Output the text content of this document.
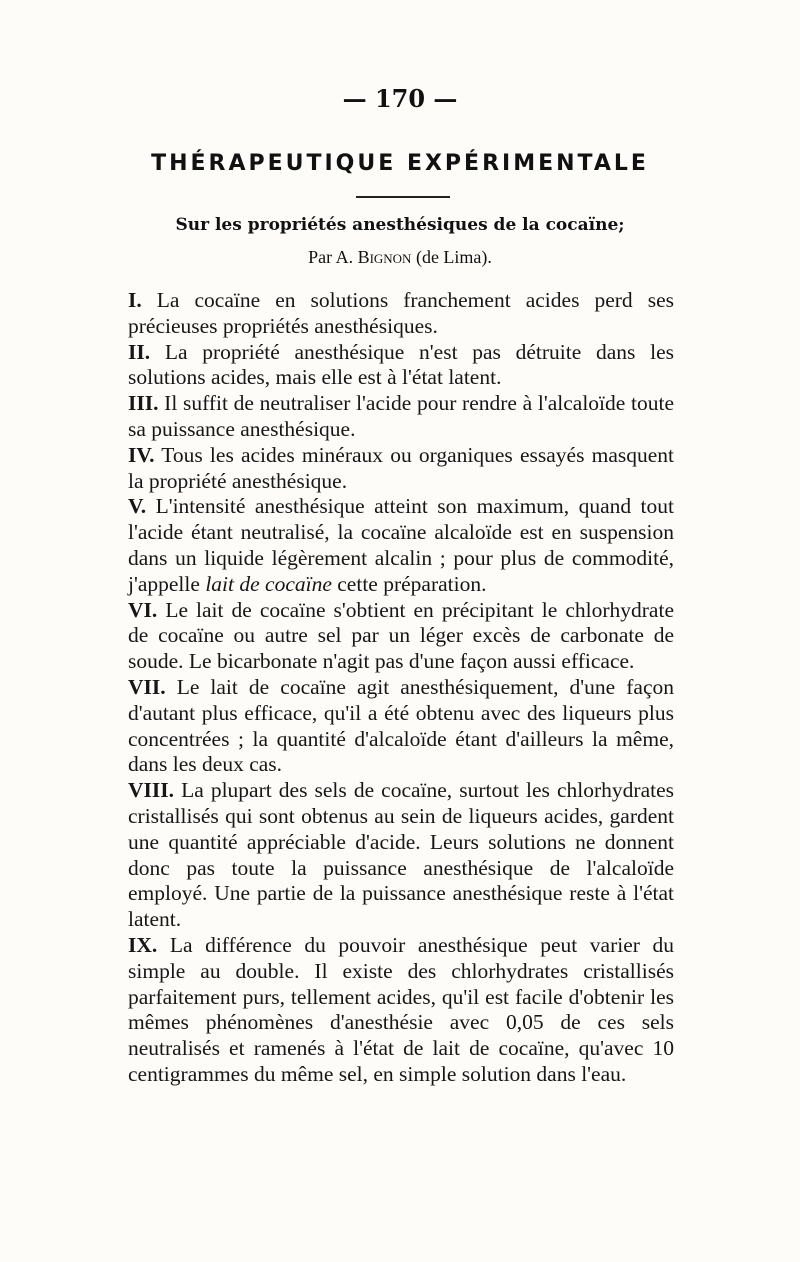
— 170 —
THÉRAPEUTIQUE EXPÉRIMENTALE
Sur les propriétés anesthésiques de la cocaïne;
Par A. Bignon (de Lima).

I. La cocaïne en solutions franchement acides perd ses précieuses propriétés anesthésiques.

II. La propriété anesthésique n'est pas détruite dans les solutions acides, mais elle est à l'état latent.

III. Il suffit de neutraliser l'acide pour rendre à l'alcaloïde toute sa puissance anesthésique.

IV. Tous les acides minéraux ou organiques essayés masquent la propriété anesthésique.

V. L'intensité anesthésique atteint son maximum, quand tout l'acide étant neutralisé, la cocaïne alcaloïde est en suspension dans un liquide légèrement alcalin ; pour plus de commodité, j'appelle lait de cocaïne cette préparation.

VI. Le lait de cocaïne s'obtient en précipitant le chlorhydrate de cocaïne ou autre sel par un léger excès de carbonate de soude. Le bicarbonate n'agit pas d'une façon aussi efficace.

VII. Le lait de cocaïne agit anesthésiquement, d'une façon d'autant plus efficace, qu'il a été obtenu avec des liqueurs plus concentrées ; la quantité d'alcaloïde étant d'ailleurs la même, dans les deux cas.

VIII. La plupart des sels de cocaïne, surtout les chlorhydrates cristallisés qui sont obtenus au sein de liqueurs acides, gardent une quantité appréciable d'acide. Leurs solutions ne donnent donc pas toute la puissance anesthésique de l'alcaloïde employé. Une partie de la puissance anesthésique reste à l'état latent.

IX. La différence du pouvoir anesthésique peut varier du simple au double. Il existe des chlorhydrates cristallisés parfaitement purs, tellement acides, qu'il est facile d'obtenir les mêmes phénomènes d'anesthésie avec 0,05 de ces sels neutralisés et ramenés à l'état de lait de cocaïne, qu'avec 10 centigrammes du même sel, en simple solution dans l'eau.
